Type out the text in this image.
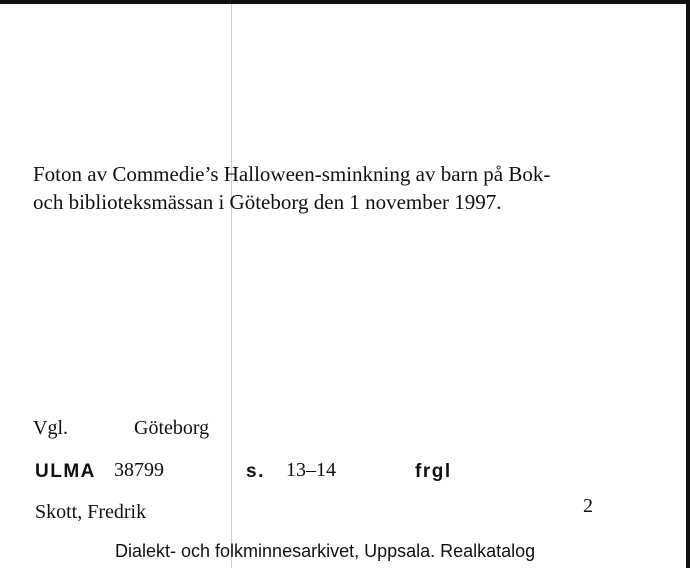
Foton av Commedie’s Halloween-sminkning av barn på Bok-
och biblioteksmässan i Göteborg den 1 november 1997.
Vgl.	Göteborg
ULMA 38799	s. 13–14	frgl
Skott, Fredrik	2
Dialekt- och folkminnesarkivet, Uppsala. Realkatalog
